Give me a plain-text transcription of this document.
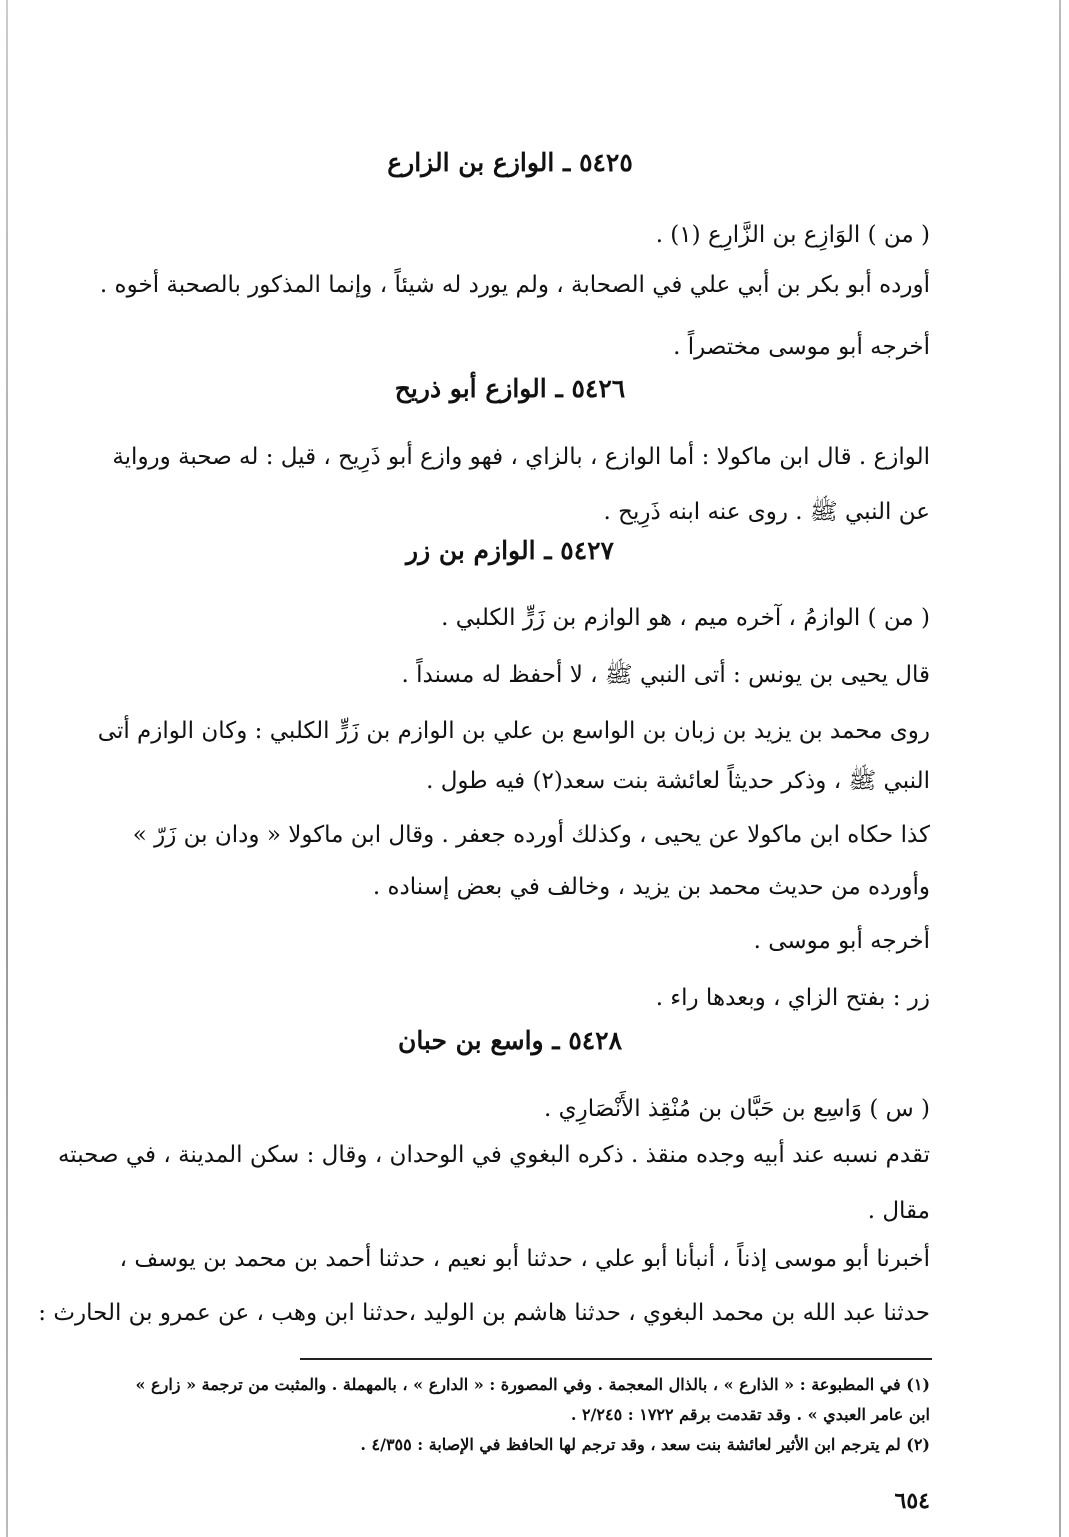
٥٤٢٥ ـ الوازع بن الزارع
( من ) الوَازِع بن الزَّارِع (١) .
أورده أبو بكر بن أبي علي في الصحابة ، ولم يورد له شيئاً ، وإنما المذكور بالصحبة أخوه .
أخرجه أبو موسى مختصراً .
٥٤٢٦ ـ الوازع أبو ذريح
الوازع . قال ابن ماكولا : أما الوازع ، بالزاي ، فهو وازع أبو ذَرِيح ، قيل : له صحبة ورواية
عن النبي ﷺ . روى عنه ابنه ذَرِيح .
٥٤٢٧ ـ الوازم بن زر
( من ) الوازمُ ، آخره ميم ، هو الوازم بن زَرٍّ الكلبي .
قال يحيى بن يونس : أتى النبي ﷺ ، لا أحفظ له مسنداً .
روى محمد بن يزيد بن زبان بن الواسع بن علي بن الوازم بن زَرٍّ الكلبي : وكان الوازم أتى
النبي ﷺ ، وذكر حديثاً لعائشة بنت سعد(٢) فيه طول .
كذا حكاه ابن ماكولا عن يحيى ، وكذلك أورده جعفر . وقال ابن ماكولا « ودان بن زَرّ »
وأورده من حديث محمد بن يزيد ، وخالف في بعض إسناده .
أخرجه أبو موسى .
زر : بفتح الزاي ، وبعدها راء .
٥٤٢٨ ـ واسع بن حبان
( س ) وَاسِع بن حَبَّان بن مُنْقِذ الأَنْصَارِي .
تقدم نسبه عند أبيه وجده منقذ . ذكره البغوي في الوحدان ، وقال : سكن المدينة ، في صحبته
مقال .
أخبرنا أبو موسى إذناً ، أنبأنا أبو علي ، حدثنا أبو نعيم ، حدثنا أحمد بن محمد بن يوسف ،
حدثنا عبد الله بن محمد البغوي ، حدثنا هاشم بن الوليد ،حدثنا ابن وهب ، عن عمرو بن الحارث :
(١) في المطبوعة : « الذارع » ، بالذال المعجمة . وفي المصورة : « الدارع » ، بالمهملة . والمثبت من ترجمة « زارع »
ابن عامر العبدي » . وقد تقدمت برقم ١٧٢٢ : ٢/٢٤٥ .
(٢) لم يترجم ابن الأثير لعائشة بنت سعد ، وقد ترجم لها الحافظ في الإصابة : ٤/٣٥٥ .
٦٥٤
